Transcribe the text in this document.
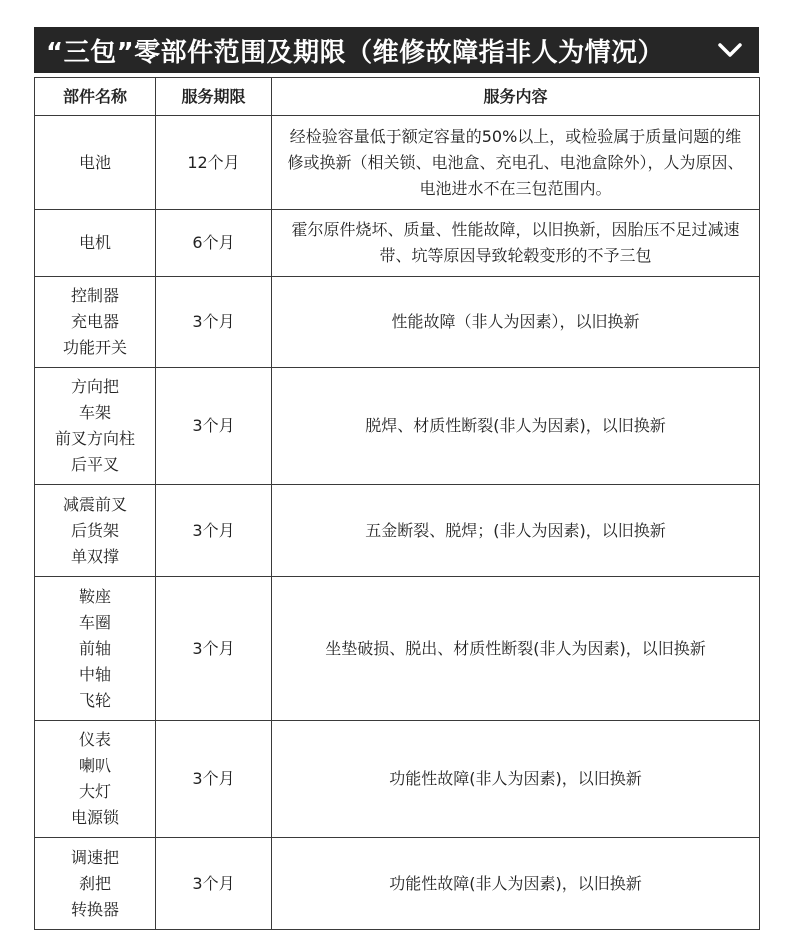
“三包”零部件范围及期限（维修故障指非人为情况）
部件名称	服务期限	服务内容

电池	12个月	经检验容量低于额定容量的50%以上，或检验属于质量问题的维修或换新（相关锁、电池盒、充电孔、电池盒除外），人为原因、电池进水不在三包范围内。

电机	6个月	霍尔原件烧坏、质量、性能故障，以旧换新，因胎压不足过减速带、坑等原因导致轮毂变形的不予三包

控制器
充电器
功能开关	3个月	性能故障（非人为因素），以旧换新

方向把
车架
前叉方向柱
后平叉	3个月	脱焊、材质性断裂(非人为因素)，以旧换新

减震前叉
后货架
单双撑	3个月	五金断裂、脱焊；(非人为因素)，以旧换新

鞍座
车圈
前轴
中轴
飞轮	3个月	坐垫破损、脱出、材质性断裂(非人为因素)，以旧换新

仪表
喇叭
大灯
电源锁	3个月	功能性故障(非人为因素)，以旧换新

调速把
刹把
转换器	3个月	功能性故障(非人为因素)，以旧换新
